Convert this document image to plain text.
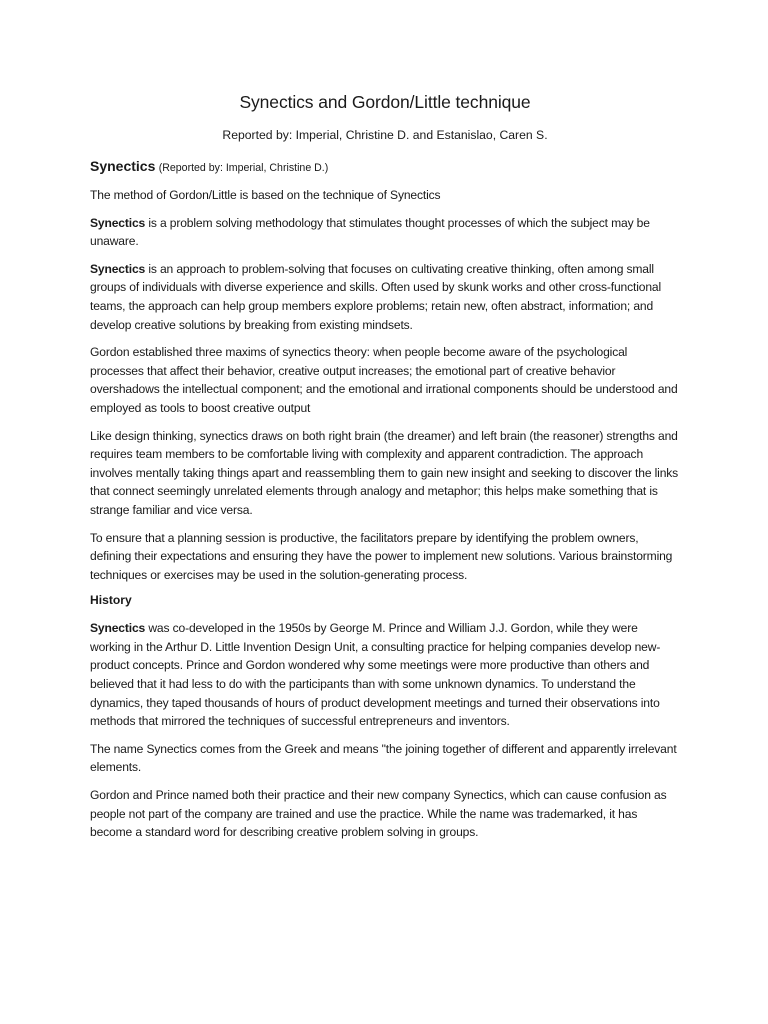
Synectics and Gordon/Little technique
Reported by: Imperial, Christine D. and Estanislao, Caren S.
Synectics (Reported by: Imperial, Christine D.)

The method of Gordon/Little is based on the technique of Synectics

Synectics is a problem solving methodology that stimulates thought processes of which the subject may be unaware.

Synectics is an approach to problem-solving that focuses on cultivating creative thinking, often among small groups of individuals with diverse experience and skills. Often used by skunk works and other cross-functional teams, the approach can help group members explore problems; retain new, often abstract, information; and develop creative solutions by breaking from existing mindsets.

Gordon established three maxims of synectics theory: when people become aware of the psychological processes that affect their behavior, creative output increases; the emotional part of creative behavior overshadows the intellectual component; and the emotional and irrational components should be understood and employed as tools to boost creative output

Like design thinking, synectics draws on both right brain (the dreamer) and left brain (the reasoner) strengths and requires team members to be comfortable living with complexity and apparent contradiction. The approach involves mentally taking things apart and reassembling them to gain new insight and seeking to discover the links that connect seemingly unrelated elements through analogy and metaphor; this helps make something that is strange familiar and vice versa.

To ensure that a planning session is productive, the facilitators prepare by identifying the problem owners, defining their expectations and ensuring they have the power to implement new solutions. Various brainstorming techniques or exercises may be used in the solution-generating process.

History

Synectics was co-developed in the 1950s by George M. Prince and William J.J. Gordon, while they were working in the Arthur D. Little Invention Design Unit, a consulting practice for helping companies develop new-product concepts. Prince and Gordon wondered why some meetings were more productive than others and believed that it had less to do with the participants than with some unknown dynamics. To understand the dynamics, they taped thousands of hours of product development meetings and turned their observations into methods that mirrored the techniques of successful entrepreneurs and inventors.

The name Synectics comes from the Greek and means "the joining together of different and apparently irrelevant elements.

Gordon and Prince named both their practice and their new company Synectics, which can cause confusion as people not part of the company are trained and use the practice. While the name was trademarked, it has become a standard word for describing creative problem solving in groups.
